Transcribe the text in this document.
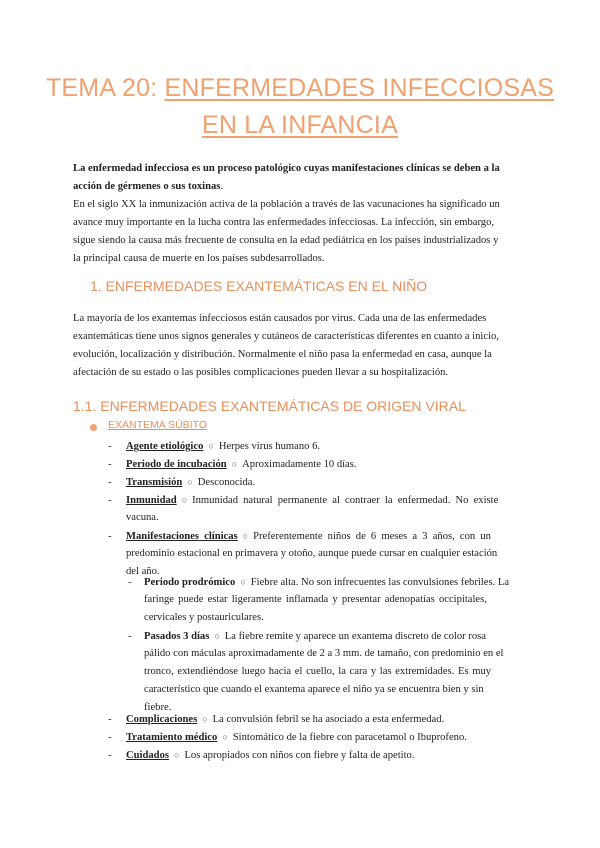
TEMA 20: ENFERMEDADES INFECCIOSAS
EN LA INFANCIA
La enfermedad infecciosa es un proceso patológico cuyas manifestaciones clínicas se deben a la
acción de gérmenes o sus toxinas.
En el siglo XX la inmunización activa de la población a través de las vacunaciones ha significado un
avance muy importante en la lucha contra las enfermedades infecciosas. La infección, sin embargo,
sigue siendo la causa más frecuente de consulta en la edad pediátrica en los países industrializados y
la principal causa de muerte en los países subdesarrollados.
1. ENFERMEDADES EXANTEMÁTICAS EN EL NIÑO
La mayoría de los exantemas infecciosos están causados por virus. Cada una de las enfermedades
exantemáticas tiene unos signos generales y cutáneos de características diferentes en cuanto a inicio,
evolución, localización y distribución. Normalmente el niño pasa la enfermedad en casa, aunque la
afectación de su estado o las posibles complicaciones pueden llevar a su hospitalización.
1.1. ENFERMEDADES EXANTEMÁTICAS DE ORIGEN VIRAL
EXANTEMA SÚBITO
- Agente etiológico ○ Herpes virus humano 6.
- Periodo de incubación ○ Aproximadamente 10 días.
- Transmisión ○ Desconocida.
- Inmunidad ○ Inmunidad natural permanente al contraer la enfermedad. No existe
vacuna.
- Manifestaciones clínicas ○ Preferentemente niños de 6 meses a 3 años, con un
predominio estacional en primavera y otoño, aunque puede cursar en cualquier estación
del año.
- Periodo prodrómico ○ Fiebre alta. No son infrecuentes las convulsiones febriles. La
faringe puede estar ligeramente inflamada y presentar adenopatías occipitales,
cervicales y postauriculares.
- Pasados 3 días ○ La fiebre remite y aparece un exantema discreto de color rosa
pálido con máculas aproximadamente de 2 a 3 mm. de tamaño, con predominio en el
tronco, extendiéndose luego hacia el cuello, la cara y las extremidades. Es muy
característico que cuando el exantema aparece el niño ya se encuentra bien y sin
fiebre.
- Complicaciones ○ La convulsión febril se ha asociado a esta enfermedad.
- Tratamiento médico ○ Sintomático de la fiebre con paracetamol o Ibuprofeno.
- Cuidados ○ Los apropiados con niños con fiebre y falta de apetito.
